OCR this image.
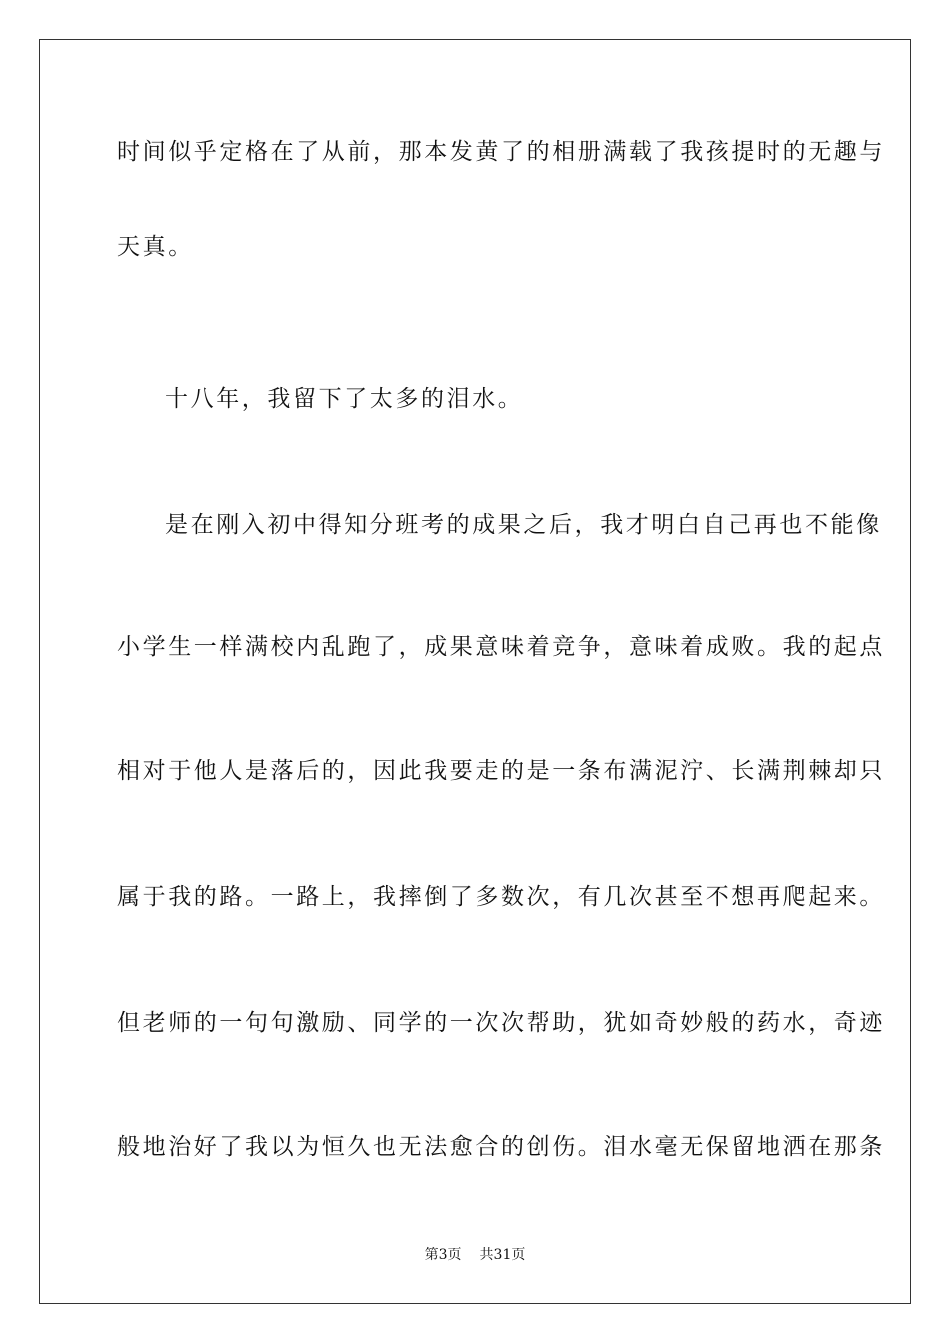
时间似乎定格在了从前，那本发黄了的相册满载了我孩提时的无趣与
天真。
十八年，我留下了太多的泪水。
是在刚入初中得知分班考的成果之后，我才明白自己再也不能像
小学生一样满校内乱跑了，成果意味着竞争，意味着成败。我的起点
相对于他人是落后的，因此我要走的是一条布满泥泞、长满荆棘却只
属于我的路。一路上，我摔倒了多数次，有几次甚至不想再爬起来。
但老师的一句句激励、同学的一次次帮助，犹如奇妙般的药水，奇迹
般地治好了我以为恒久也无法愈合的创伤。泪水毫无保留地洒在那条
第3页 共31页
